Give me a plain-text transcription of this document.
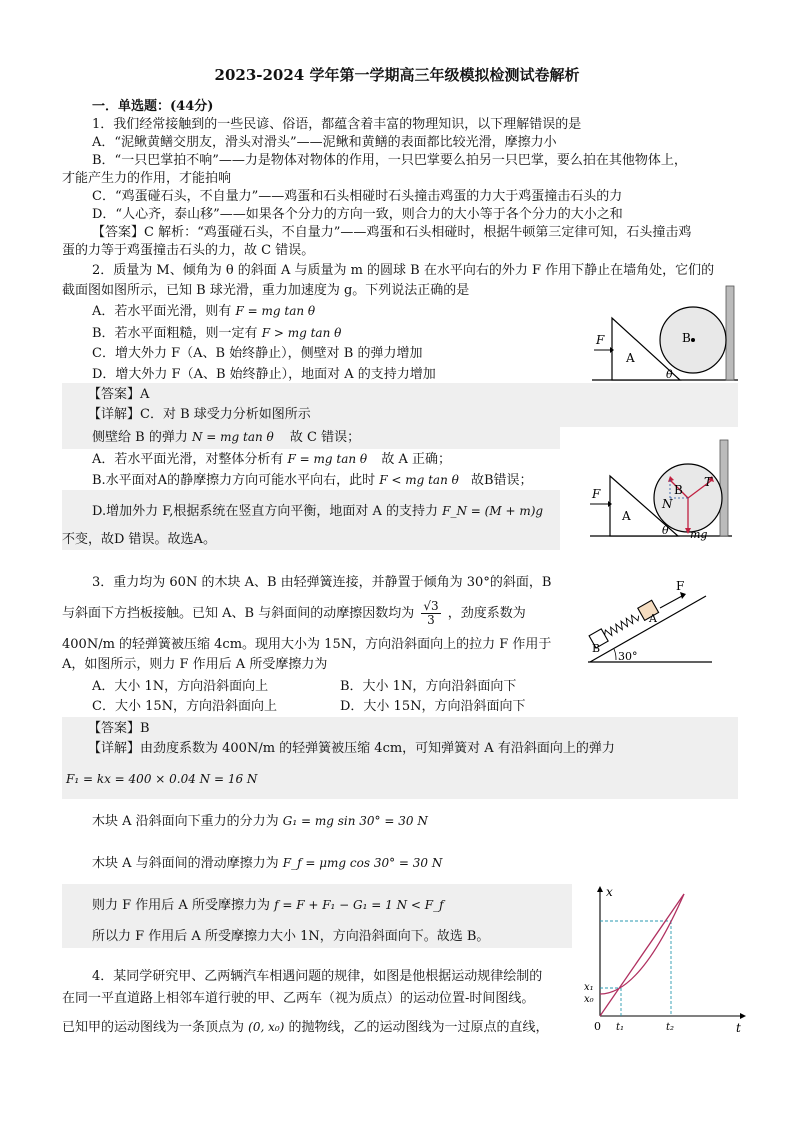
2023-2024 学年第一学期高三年级模拟检测试卷解析
一．单选题：(44分)
1．我们经常接触到的一些民谚、俗语，都蕴含着丰富的物理知识，以下理解错误的是
A．“泥鳅黄鳝交朋友，滑头对滑头”——泥鳅和黄鳝的表面都比较光滑，摩擦力小
B．“一只巴掌拍不响”——力是物体对物体的作用，一只巴掌要么拍另一只巴掌，要么拍在其他物体上，
才能产生力的作用，才能拍响
C．“鸡蛋碰石头，不自量力”——鸡蛋和石头相碰时石头撞击鸡蛋的力大于鸡蛋撞击石头的力
D．“人心齐，泰山移”——如果各个分力的方向一致，则合力的大小等于各个分力的大小之和
【答案】C 解析：“鸡蛋碰石头，不自量力”——鸡蛋和石头相碰时，根据牛顿第三定律可知，石头撞击鸡
蛋的力等于鸡蛋撞击石头的力，故 C 错误。
2．质量为 M、倾角为 θ 的斜面 A 与质量为 m 的圆球 B 在水平向右的外力 F 作用下静止在墙角处，它们的
截面图如图所示，已知 B 球光滑，重力加速度为 g。下列说法正确的是
A．若水平面光滑，则有 F = mg tan θ
B．若水平面粗糙，则一定有 F > mg tan θ
C．增大外力 F（A、B 始终静止），侧壁对 B 的弹力增加
D．增大外力 F（A、B 始终静止），地面对 A 的支持力增加
F
A
B
θ
【答案】A
【详解】C．对 B 球受力分析如图所示
侧壁给 B 的弹力 N = mg tan θ 故 C 错误；
A．若水平面光滑，对整体分析有 F = mg tan θ 故 A 正确；
B.水平面对A的静摩擦力方向可能水平向右，此时 F < mg tan θ 故B错误；
D.增加外力 F,根据系统在竖直方向平衡，地面对 A 的支持力 F_N = (M + m)g
不变，故D 错误。故选A。
F
A
B
T
N
mg
θ
3．重力均为 60N 的木块 A、B 由轻弹簧连接，并静置于倾角为 30°的斜面，B
与斜面下方挡板接触。已知 A、B 与斜面间的动摩擦因数均为 $\frac{√3}{3}$ ，劲度系数为
400N/m 的轻弹簧被压缩 4cm。现用大小为 15N，方向沿斜面向上的拉力 F 作用于
A，如图所示，则力 F 作用后 A 所受摩擦力为
A．大小 1N，方向沿斜面向上	B．大小 1N，方向沿斜面向下
C．大小 15N，方向沿斜面向上	D．大小 15N，方向沿斜面向下
F
B
A
30°
【答案】B
【详解】由劲度系数为 400N/m 的轻弹簧被压缩 4cm，可知弹簧对 A 有沿斜面向上的弹力
F₁ = kx = 400 × 0.04 N = 16 N
木块 A 沿斜面向下重力的分力为 G₁ = mg sin 30° = 30 N
木块 A 与斜面间的滑动摩擦力为 F_f = μmg cos 30° = 30 N
则力 F 作用后 A 所受摩擦力为 f = F + F₁ − G₁ = 1 N < F_f
所以力 F 作用后 A 所受摩擦力大小 1N，方向沿斜面向下。故选 B。
4．某同学研究甲、乙两辆汽车相遇问题的规律，如图是他根据运动规律绘制的
在同一平直道路上相邻车道行驶的甲、乙两车（视为质点）的运动位置-时间图线。
已知甲的运动图线为一条顶点为 (0, x₀) 的抛物线，乙的运动图线为一过原点的直线，
x
t
x₁
x₀
0 t₁	t₂
